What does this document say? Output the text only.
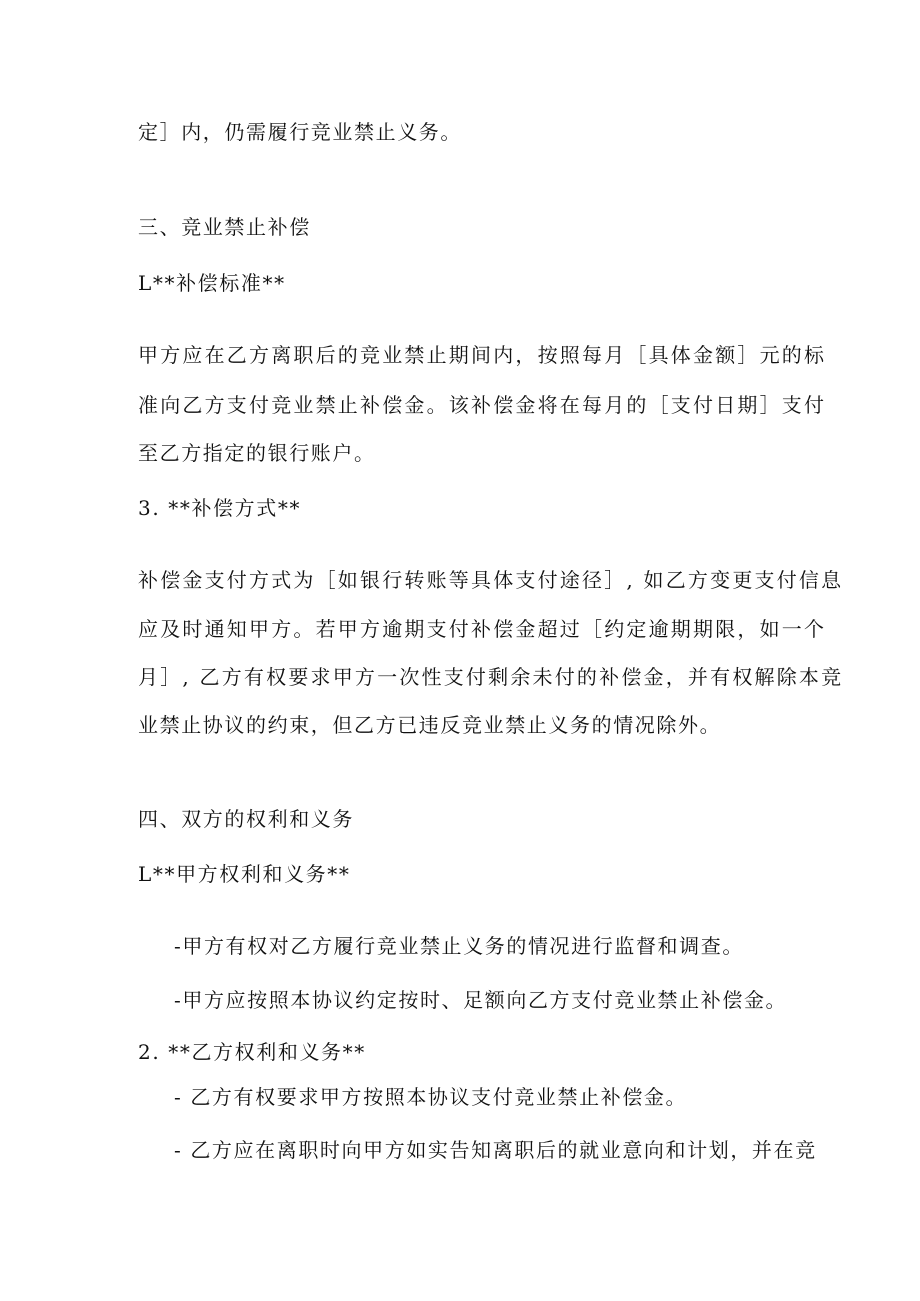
定］内，仍需履行竞业禁止义务。

三、竞业禁止补偿

L**补偿标准**

甲方应在乙方离职后的竞业禁止期间内，按照每月［具体金额］元的标

准向乙方支付竞业禁止补偿金。该补偿金将在每月的［支付日期］支付

至乙方指定的银行账户。

3. **补偿方式**

补偿金支付方式为［如银行转账等具体支付途径］, 如乙方变更支付信息

应及时通知甲方。若甲方逾期支付补偿金超过［约定逾期期限，如一个

月］, 乙方有权要求甲方一次性支付剩余未付的补偿金，并有权解除本竞

业禁止协议的约束，但乙方已违反竞业禁止义务的情况除外。

四、双方的权利和义务

L**甲方权利和义务**

-甲方有权对乙方履行竞业禁止义务的情况进行监督和调查。

-甲方应按照本协议约定按时、足额向乙方支付竞业禁止补偿金。

2. **乙方权利和义务**

- 乙方有权要求甲方按照本协议支付竞业禁止补偿金。

- 乙方应在离职时向甲方如实告知离职后的就业意向和计划，并在竞
